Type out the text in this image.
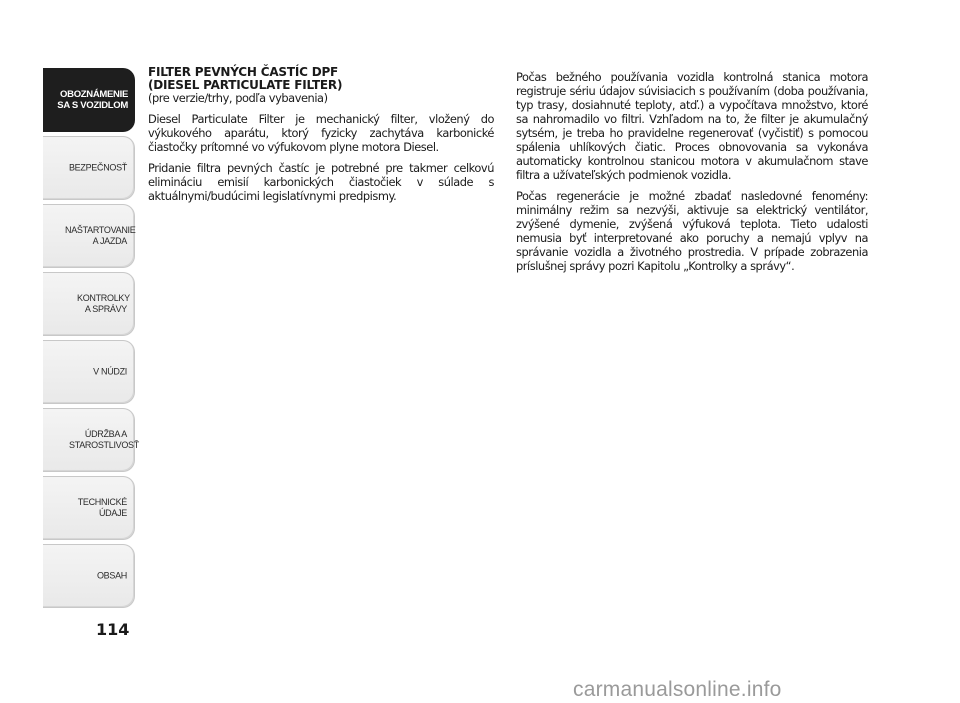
OBOZNÁMENIE SA S VOZIDLOM
BEZPEČNOSŤ
NAŠTARTOVANIE A JAZDA
KONTROLKY A SPRÁVY
V NÚDZI
ÚDRŽBA A STAROSTLIVOSŤ
TECHNICKÉ ÚDAJE
OBSAH
114
FILTER PEVNÝCH ČASTÍC DPF
(DIESEL PARTICULATE FILTER)

(pre verzie/trhy, podľa vybavenia)

Diesel Particulate Filter je mechanický filter, vložený do výkukového aparátu, ktorý fyzicky zachytáva karbonické čiastočky prítomné vo výfukovom plyne motora Diesel.

Pridanie filtra pevných častíc je potrebné pre takmer celkovú elimináciu emisií karbonických čiastočiek v súlade s aktuálnymi/budúcimi legislatívnymi predpismy.

Počas bežného používania vozidla kontrolná stanica motora registruje sériu údajov súvisiacich s používaním (doba používania, typ trasy, dosiahnuté teploty, atď.) a vypočítava množstvo, ktoré sa nahromadilo vo filtri. Vzhľadom na to, že filter je akumulačný sytsém, je treba ho pravidelne regenerovať (vyčistiť) s pomocou spálenia uhlíkových čiatic. Proces obnovovania sa vykonáva automaticky kontrolnou stanicou motora v akumulačnom stave filtra a užívateľských podmienok vozidla.

Počas regenerácie je možné zbadať nasledovné fenomény: minimálny režim sa nezvýši, aktivuje sa elektrický ventilátor, zvýšené dymenie, zvýšená výfuková teplota. Tieto udalosti nemusia byť interpretované ako poruchy a nemajú vplyv na správanie vozidla a životného prostredia. V prípade zobrazenia príslušnej správy pozri Kapitolu „Kontrolky a správy“.

carmanualsonline.info
